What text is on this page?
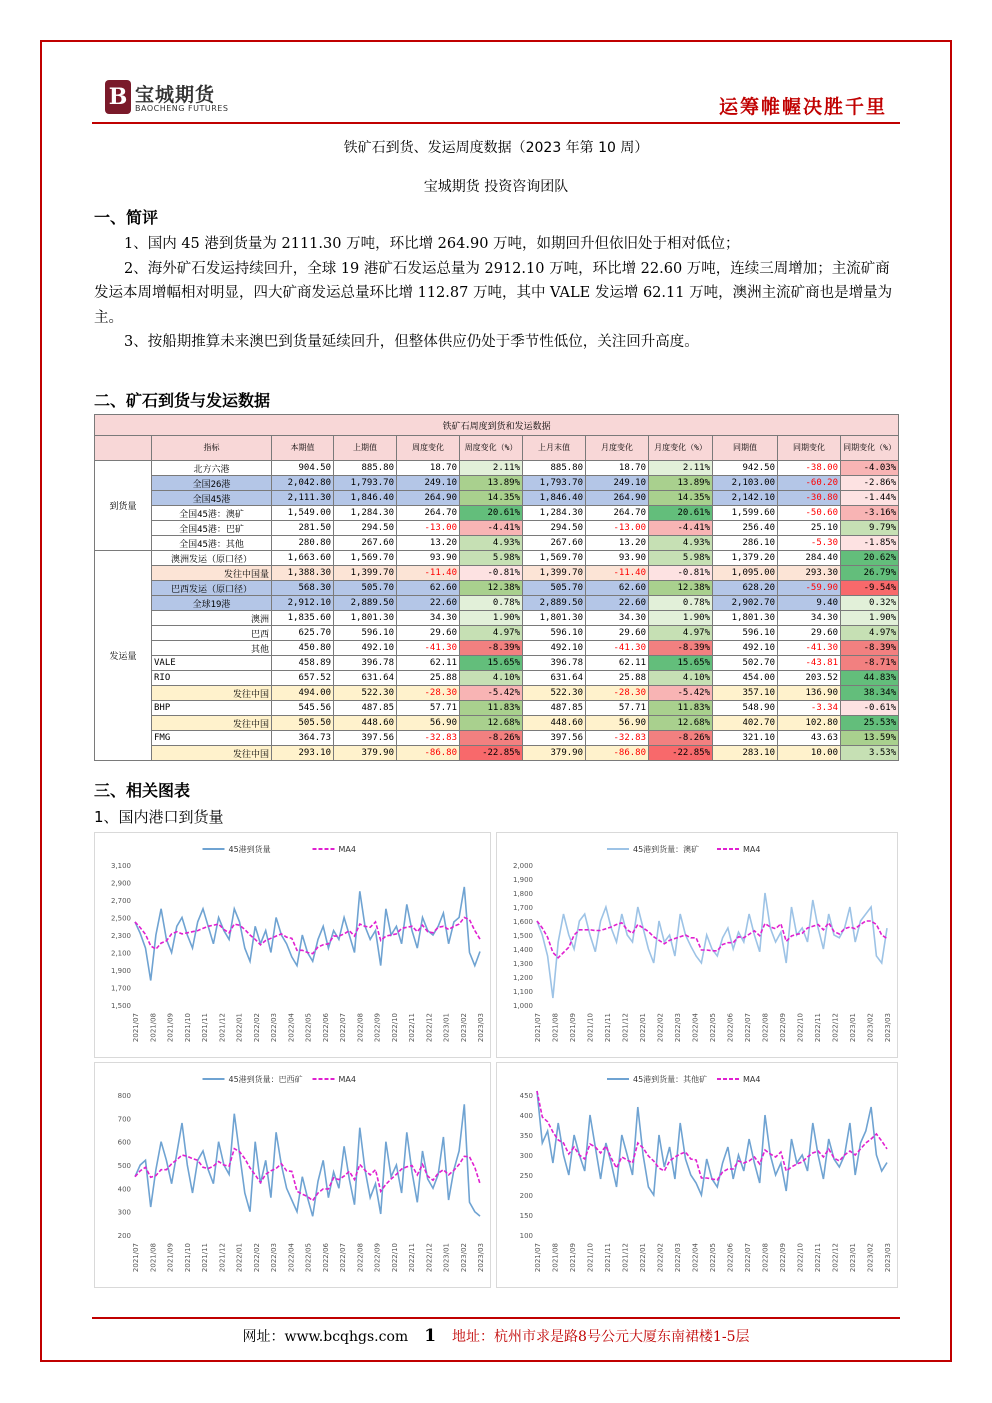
B 宝城期货
BAOCHENG FUTURES	运筹帷幄决胜千里
铁矿石到货、发运周度数据（2023 年第 10 周）
宝城期货 投资咨询团队
一、简评

1、国内 45 港到货量为 2111.30 万吨，环比增 264.90 万吨，如期回升但依旧处于相对低位；

2、海外矿石发运持续回升，全球 19 港矿石发运总量为 2912.10 万吨，环比增 22.60 万吨，连续三周增加；主流矿商发运本周增幅相对明显，四大矿商发运总量环比增 112.87 万吨，其中 VALE 发运增 62.11 万吨，澳洲主流矿商也是增量为主。

3、按船期推算未来澳巴到货量延续回升，但整体供应仍处于季节性低位，关注回升高度。

二、矿石到货与发运数据
铁矿石周度到货和发运数据											
	指标	本期值	上期值	周度变化	周度变化（%）	上月末值	月度变化	月度变化（%）	同期值	同期变化	同期变化（%）
到货量	北方六港	904.50	885.80	18.70	2.11%	885.80	18.70	2.11%	942.50	-38.00	-4.03%
	全国26港	2,042.80	1,793.70	249.10	13.89%	1,793.70	249.10	13.89%	2,103.00	-60.20	-2.86%
	全国45港	2,111.30	1,846.40	264.90	14.35%	1,846.40	264.90	14.35%	2,142.10	-30.80	-1.44%
	全国45港：澳矿	1,549.00	1,284.30	264.70	20.61%	1,284.30	264.70	20.61%	1,599.60	-50.60	-3.16%
	全国45港：巴矿	281.50	294.50	-13.00	-4.41%	294.50	-13.00	-4.41%	256.40	25.10	9.79%
	全国45港：其他	280.80	267.60	13.20	4.93%	267.60	13.20	4.93%	286.10	-5.30	-1.85%
发运量	澳洲发运（原口径）	1,663.60	1,569.70	93.90	5.98%	1,569.70	93.90	5.98%	1,379.20	284.40	20.62%
	发往中国量	1,388.30	1,399.70	-11.40	-0.81%	1,399.70	-11.40	-0.81%	1,095.00	293.30	26.79%
	巴西发运（原口径）	568.30	505.70	62.60	12.38%	505.70	62.60	12.38%	628.20	-59.90	-9.54%
	全球19港	2,912.10	2,889.50	22.60	0.78%	2,889.50	22.60	0.78%	2,902.70	9.40	0.32%
	澳洲	1,835.60	1,801.30	34.30	1.90%	1,801.30	34.30	1.90%	1,801.30	34.30	1.90%
	巴西	625.70	596.10	29.60	4.97%	596.10	29.60	4.97%	596.10	29.60	4.97%
	其他	450.80	492.10	-41.30	-8.39%	492.10	-41.30	-8.39%	492.10	-41.30	-8.39%
	VALE	458.89	396.78	62.11	15.65%	396.78	62.11	15.65%	502.70	-43.81	-8.71%
	RIO	657.52	631.64	25.88	4.10%	631.64	25.88	4.10%	454.00	203.52	44.83%
	发往中国	494.00	522.30	-28.30	-5.42%	522.30	-28.30	-5.42%	357.10	136.90	38.34%
	BHP	545.56	487.85	57.71	11.83%	487.85	57.71	11.83%	548.90	-3.34	-0.61%
	发往中国	505.50	448.60	56.90	12.68%	448.60	56.90	12.68%	402.70	102.80	25.53%
	FMG	364.73	397.56	-32.83	-8.26%	397.56	-32.83	-8.26%	321.10	43.63	13.59%
	发往中国	293.10	379.90	-86.80	-22.85%	379.90	-86.80	-22.85%	283.10	10.00	3.53%
三、相关图表
1、国内港口到货量
1,500
1,700
1,900
2,100
2,300
2,500
2,700
2,900
3,100
2021/07 2021/08 2021/09 2021/10 2021/11 2021/12 2022/01 2022/02 2022/03 2022/04 2022/05 2022/06 2022/07 2022/08 2022/09 2022/10 2022/11 2022/12 2023/01 2023/02 2023/03
45港到货量	MA4
1,000
1,100
1,200
1,300
1,400
1,500
1,600
1,700
1,800
1,900
2,000
2021/07 2021/08 2021/09 2021/10 2021/11 2021/12 2022/01 2022/02 2022/03 2022/04 2022/05 2022/06 2022/07 2022/08 2022/09 2022/10 2022/11 2022/12 2023/01 2023/02 2023/03
45港到货量：澳矿	MA4
200
300
400
500
600
700
800
2021/07 2021/08 2021/09 2021/10 2021/11 2021/12 2022/01 2022/02 2022/03 2022/04 2022/05 2022/06 2022/07 2022/08 2022/09 2022/10 2022/11 2022/12 2023/01 2023/02 2023/03
45港到货量：巴西矿	MA4
100
150
200
250
300
350
400
450
2021/07 2021/08 2021/09 2021/10 2021/11 2021/12 2022/01 2022/02 2022/03 2022/04 2022/05 2022/06 2022/07 2022/08 2022/09 2022/10 2022/11 2022/12 2023/01 2023/02 2023/03
45港到货量：其他矿	MA4
网址：www.bcqhgs.com 1 地址：杭州市求是路8号公元大厦东南裙楼1-5层
